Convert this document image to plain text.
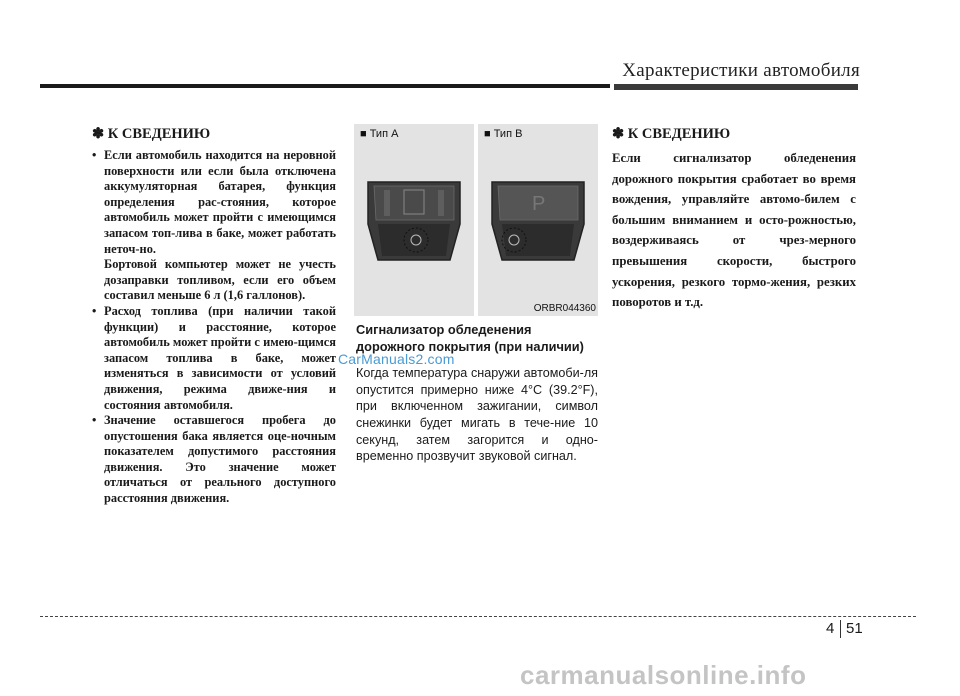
Характеристики автомобиля
✽ К СВЕДЕНИЮ
• Если автомобиль находится на неровной поверхности или если была отключена аккумуляторная батарея, функция определения рас-стояния, которое автомобиль может пройти с имеющимся запасом топ-лива в баке, может работать неточ-но.
Бортовой компьютер может не учесть дозаправки топливом, если его объем составил меньше 6 л (1,6 галлонов).
• Расход топлива (при наличии такой функции) и расстояние, которое автомобиль может пройти с имею-щимся запасом топлива в баке, может изменяться в зависимости от условий движения, режима движе-ния и состояния автомобиля.
• Значение оставшегося пробега до опустошения бака является оце-ночным показателем допустимого расстояния движения. Это значение может отличаться от реального доступного расстояния движения.
P
■ Тип A	■ Тип B
ORBR044360
Сигнализатор обледенения дорожного покрытия (при наличии)
Когда температура снаружи автомоби-ля опустится примерно ниже 4°C (39.2°F), при включенном зажигании, символ снежинки будет мигать в тече-ние 10 секунд, затем загорится и одно-временно прозвучит звуковой сигнал.
CarManuals2.com
✽ К СВЕДЕНИЮ
Если сигнализатор обледенения дорожного покрытия сработает во время вождения, управляйте автомо-билем с большим вниманием и осто-рожностью, воздерживаясь от чрез-мерного превышения скорости, быстрого ускорения, резкого тормо-жения, резких поворотов и т.д.
4 51
carmanualsonline.info
